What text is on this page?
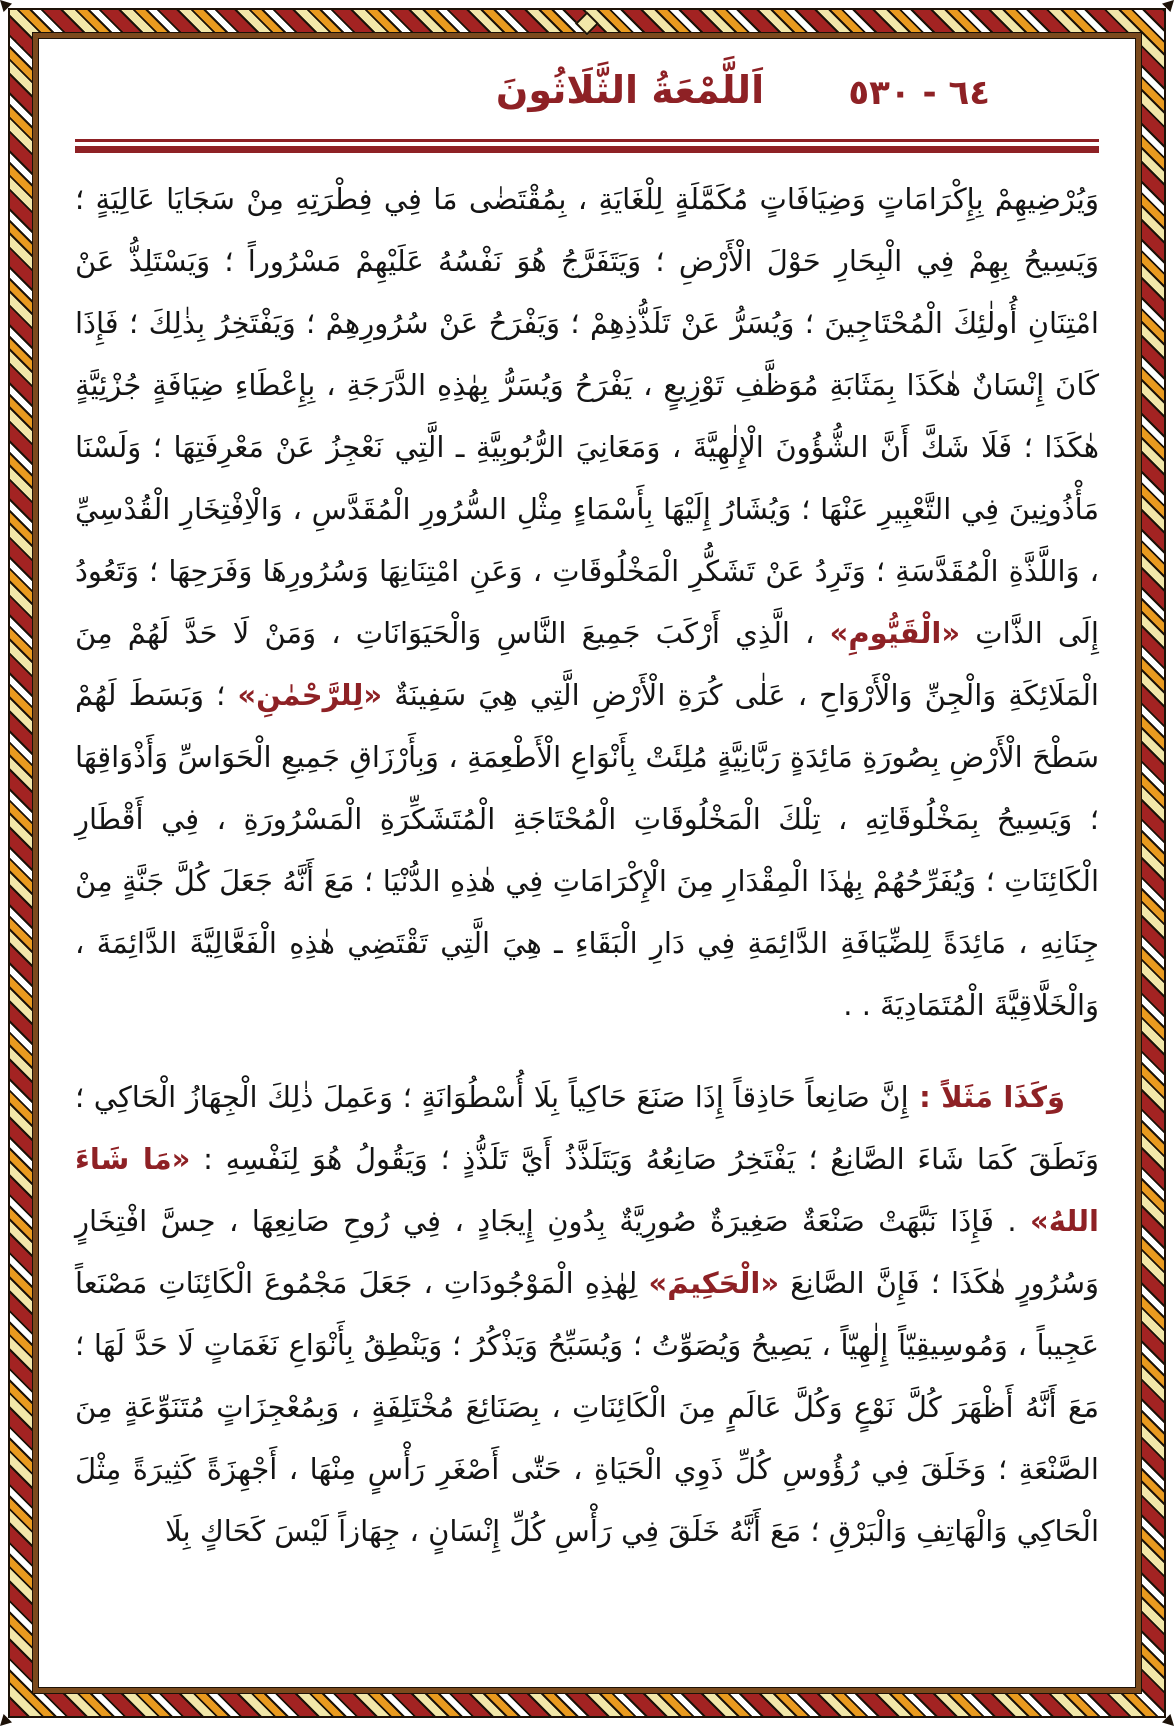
اَللَّمْعَةُ الثَّلَاثُونَ ٦٤ - ٥٣٠

وَيُرْضِيهِمْ بِإِكْرَامَاتٍ وَضِيَافَاتٍ مُكَمَّلَةٍ لِلْغَايَةِ ، بِمُقْتَضٰى مَا فِي فِطْرَتِهِ مِنْ سَجَايَا عَالِيَةٍ ؛ وَيَسِيحُ بِهِمْ فِي الْبِحَارِ حَوْلَ الْأَرْضِ ؛ وَيَتَفَرَّجُ هُوَ نَفْسُهُ عَلَيْهِمْ مَسْرُوراً ؛ وَيَسْتَلِذُّ عَنْ امْتِنَانِ أُولٰئِكَ الْمُحْتَاجِينَ ؛ وَيُسَرُّ عَنْ تَلَذُّذِهِمْ ؛ وَيَفْرَحُ عَنْ سُرُورِهِمْ ؛ وَيَفْتَخِرُ بِذٰلِكَ ؛ فَإِذَا كَانَ إِنْسَانٌ هٰكَذَا بِمَثَابَةِ مُوَظَّفِ تَوْزِيعٍ ، يَفْرَحُ وَيُسَرُّ بِهٰذِهِ الدَّرَجَةِ ، بِإِعْطَاءِ ضِيَافَةٍ جُزْئِيَّةٍ هٰكَذَا ؛ فَلَا شَكَّ أَنَّ الشُّؤُونَ الْإِلٰهِيَّةَ ، وَمَعَانِيَ الرُّبُوبِيَّةِ ـ الَّتِي نَعْجِزُ عَنْ مَعْرِفَتِهَا ؛ وَلَسْنَا مَأْذُونِينَ فِي التَّعْبِيرِ عَنْهَا ؛ وَيُشَارُ إِلَيْهَا بِأَسْمَاءٍ مِثْلِ السُّرُورِ الْمُقَدَّسِ ، وَالْاِفْتِخَارِ الْقُدْسِيِّ ، وَاللَّذَّةِ الْمُقَدَّسَةِ ؛ وَتَرِدُ عَنْ تَشَكُّرِ الْمَخْلُوقَاتِ ، وَعَنِ امْتِنَانِهَا وَسُرُورِهَا وَفَرَحِهَا ؛ وَتَعُودُ إِلَى الذَّاتِ «الْقَيُّومِ» ، الَّذِي أَرْكَبَ جَمِيعَ النَّاسِ وَالْحَيَوَانَاتِ ، وَمَنْ لَا حَدَّ لَهُمْ مِنَ الْمَلَائِكَةِ وَالْجِنِّ وَالْأَرْوَاحِ ، عَلٰى كُرَةِ الْأَرْضِ الَّتِي هِيَ سَفِينَةٌ «لِلرَّحْمٰنِ» ؛ وَبَسَطَ لَهُمْ سَطْحَ الْأَرْضِ بِصُورَةِ مَائِدَةٍ رَبَّانِيَّةٍ مُلِئَتْ بِأَنْوَاعِ الْأَطْعِمَةِ ، وَبِأَرْزَاقِ جَمِيعِ الْحَوَاسِّ وَأَذْوَاقِهَا ؛ وَيَسِيحُ بِمَخْلُوقَاتِهِ ، تِلْكَ الْمَخْلُوقَاتِ الْمُحْتَاجَةِ الْمُتَشَكِّرَةِ الْمَسْرُورَةِ ، فِي أَقْطَارِ الْكَائِنَاتِ ؛ وَيُفَرِّحُهُمْ بِهٰذَا الْمِقْدَارِ مِنَ الْإِكْرَامَاتِ فِي هٰذِهِ الدُّنْيَا ؛ مَعَ أَنَّهُ جَعَلَ كُلَّ جَنَّةٍ مِنْ جِنَانِهِ ، مَائِدَةً لِلضِّيَافَةِ الدَّائِمَةِ فِي دَارِ الْبَقَاءِ ـ هِيَ الَّتِي تَقْتَضِي هٰذِهِ الْفَعَّالِيَّةَ الدَّائِمَةَ ، وَالْخَلَّاقِيَّةَ الْمُتَمَادِيَةَ . .

وَكَذَا مَثَلاً : إِنَّ صَانِعاً حَاذِقاً إِذَا صَنَعَ حَاكِياً بِلَا أُسْطُوَانَةٍ ؛ وَعَمِلَ ذٰلِكَ الْجِهَازُ الْحَاكِي ؛ وَنَطَقَ كَمَا شَاءَ الصَّانِعُ ؛ يَفْتَخِرُ صَانِعُهُ وَيَتَلَذَّذُ أَيَّ تَلَذُّذٍ ؛ وَيَقُولُ هُوَ لِنَفْسِهِ : «مَا شَاءَ اللهُ» . فَإِذَا نَبَّهَتْ صَنْعَةٌ صَغِيرَةٌ صُورِيَّةٌ بِدُونِ إِيجَادٍ ، فِي رُوحِ صَانِعِهَا ، حِسَّ افْتِخَارٍ وَسُرُورٍ هٰكَذَا ؛ فَإِنَّ الصَّانِعَ «الْحَكِيمَ» لِهٰذِهِ الْمَوْجُودَاتِ ، جَعَلَ مَجْمُوعَ الْكَائِنَاتِ مَصْنَعاً عَجِيباً ، وَمُوسِيقِيّاً إِلٰهِيّاً ، يَصِيحُ وَيُصَوِّتُ ؛ وَيُسَبِّحُ وَيَذْكُرُ ؛ وَيَنْطِقُ بِأَنْوَاعِ نَغَمَاتٍ لَا حَدَّ لَهَا ؛ مَعَ أَنَّهُ أَظْهَرَ كُلَّ نَوْعٍ وَكُلَّ عَالَمٍ مِنَ الْكَائِنَاتِ ، بِصَنَائِعَ مُخْتَلِفَةٍ ، وَبِمُعْجِزَاتٍ مُتَنَوِّعَةٍ مِنَ الصَّنْعَةِ ؛ وَخَلَقَ فِي رُؤُوسِ كُلِّ ذَوِي الْحَيَاةِ ، حَتّٰى أَصْغَرِ رَأْسٍ مِنْهَا ، أَجْهِزَةً كَثِيرَةً مِثْلَ الْحَاكِي وَالْهَاتِفِ وَالْبَرْقِ ؛ مَعَ أَنَّهُ خَلَقَ فِي رَأْسِ كُلِّ إِنْسَانٍ ، جِهَازاً لَيْسَ كَحَاكٍ بِلَا
